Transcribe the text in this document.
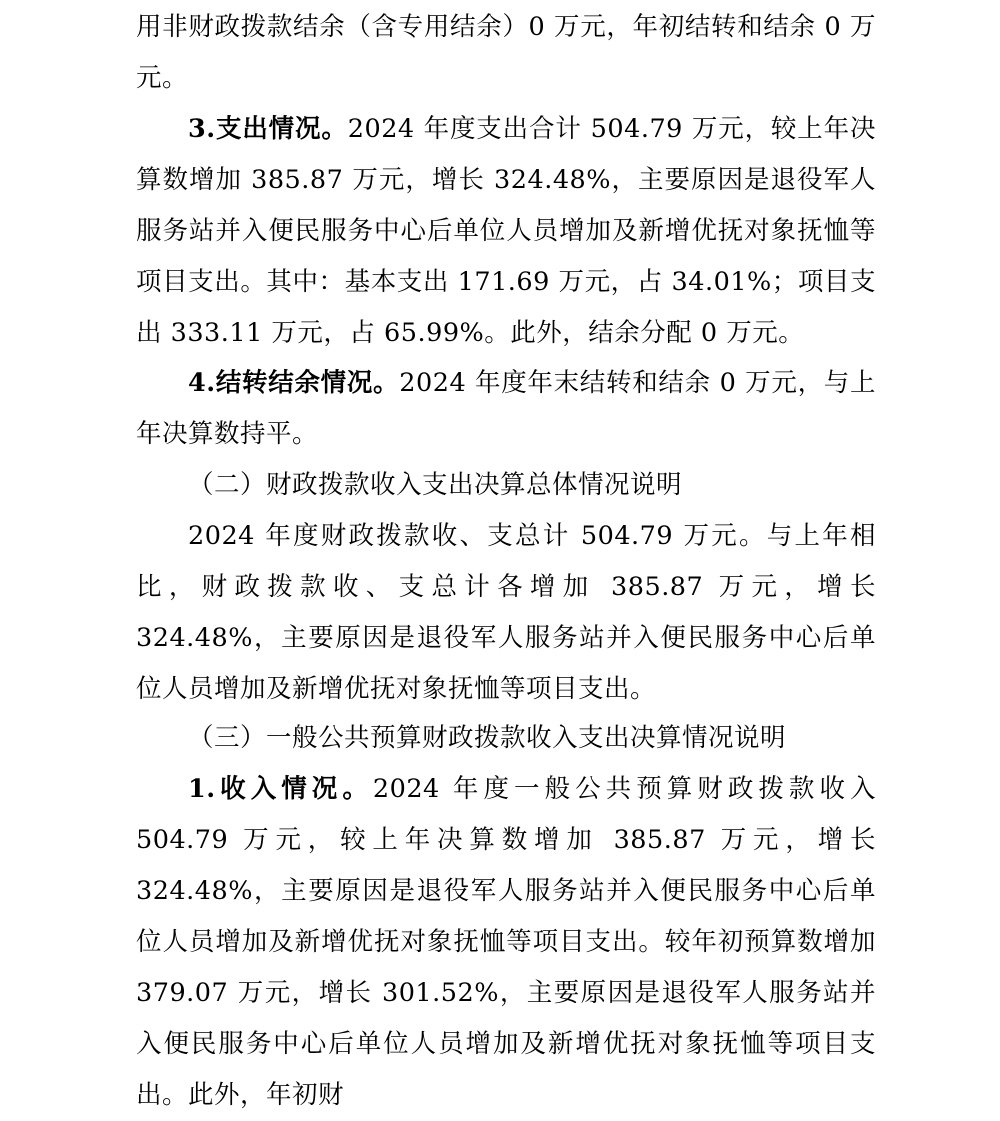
用非财政拨款结余（含专用结余）0 万元，年初结转和结余 0 万元。

3.支出情况。2024 年度支出合计 504.79 万元，较上年决算数增加 385.87 万元，增长 324.48%，主要原因是退役军人服务站并入便民服务中心后单位人员增加及新增优抚对象抚恤等项目支出。其中：基本支出 171.69 万元，占 34.01%；项目支出 333.11 万元，占 65.99%。此外，结余分配 0 万元。

4.结转结余情况。2024 年度年末结转和结余 0 万元，与上年决算数持平。

（二）财政拨款收入支出决算总体情况说明

2024 年度财政拨款收、支总计 504.79 万元。与上年相比，财政拨款收、支总计各增加 385.87 万元，增长 324.48%，主要原因是退役军人服务站并入便民服务中心后单位人员增加及新增优抚对象抚恤等项目支出。

（三）一般公共预算财政拨款收入支出决算情况说明

1.收入情况。2024 年度一般公共预算财政拨款收入 504.79 万元，较上年决算数增加 385.87 万元，增长 324.48%，主要原因是退役军人服务站并入便民服务中心后单位人员增加及新增优抚对象抚恤等项目支出。较年初预算数增加 379.07 万元，增长 301.52%，主要原因是退役军人服务站并入便民服务中心后单位人员增加及新增优抚对象抚恤等项目支出。此外，年初财
